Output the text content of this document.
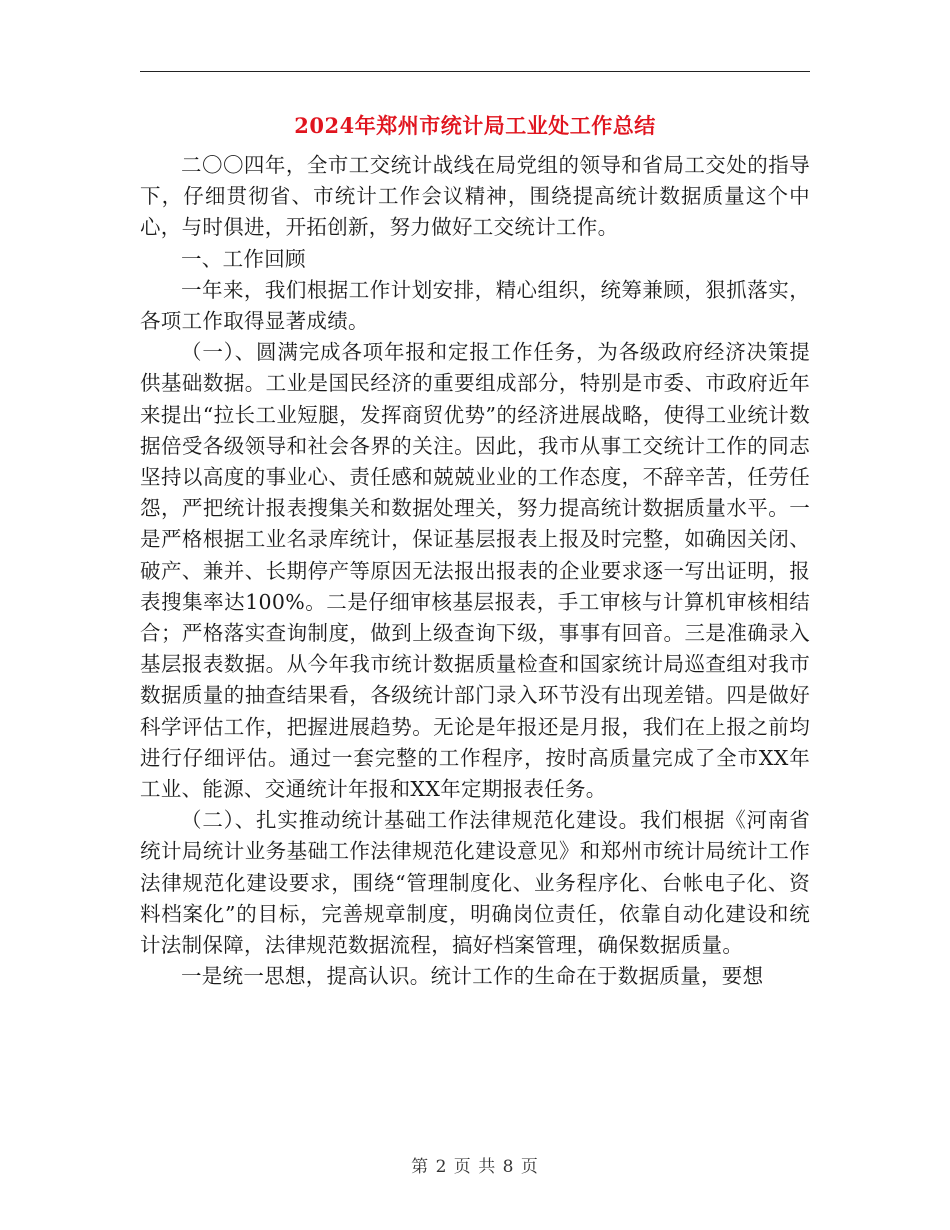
2024年郑州市统计局工业处工作总结

二〇〇四年，全市工交统计战线在局党组的领导和省局工交处的指导下，仔细贯彻省、市统计工作会议精神，围绕提高统计数据质量这个中心，与时俱进，开拓创新，努力做好工交统计工作。

一、工作回顾

一年来，我们根据工作计划安排，精心组织，统筹兼顾，狠抓落实，各项工作取得显著成绩。

（一）、圆满完成各项年报和定报工作任务，为各级政府经济决策提供基础数据。工业是国民经济的重要组成部分，特别是市委、市政府近年来提出“拉长工业短腿，发挥商贸优势”的经济进展战略，使得工业统计数据倍受各级领导和社会各界的关注。因此，我市从事工交统计工作的同志坚持以高度的事业心、责任感和兢兢业业的工作态度，不辞辛苦，任劳任怨，严把统计报表搜集关和数据处理关，努力提高统计数据质量水平。一是严格根据工业名录库统计，保证基层报表上报及时完整，如确因关闭、破产、兼并、长期停产等原因无法报出报表的企业要求逐一写出证明，报表搜集率达100%。二是仔细审核基层报表，手工审核与计算机审核相结合；严格落实查询制度，做到上级查询下级，事事有回音。三是准确录入基层报表数据。从今年我市统计数据质量检查和国家统计局巡查组对我市数据质量的抽查结果看，各级统计部门录入环节没有出现差错。四是做好科学评估工作，把握进展趋势。无论是年报还是月报，我们在上报之前均进行仔细评估。通过一套完整的工作程序，按时高质量完成了全市XX年工业、能源、交通统计年报和XX年定期报表任务。

（二）、扎实推动统计基础工作法律规范化建设。我们根据《河南省统计局统计业务基础工作法律规范化建设意见》和郑州市统计局统计工作法律规范化建设要求，围绕“管理制度化、业务程序化、台帐电子化、资料档案化”的目标，完善规章制度，明确岗位责任，依靠自动化建设和统计法制保障，法律规范数据流程，搞好档案管理，确保数据质量。

一是统一思想，提高认识。统计工作的生命在于数据质量，要想

第 2 页 共 8 页
